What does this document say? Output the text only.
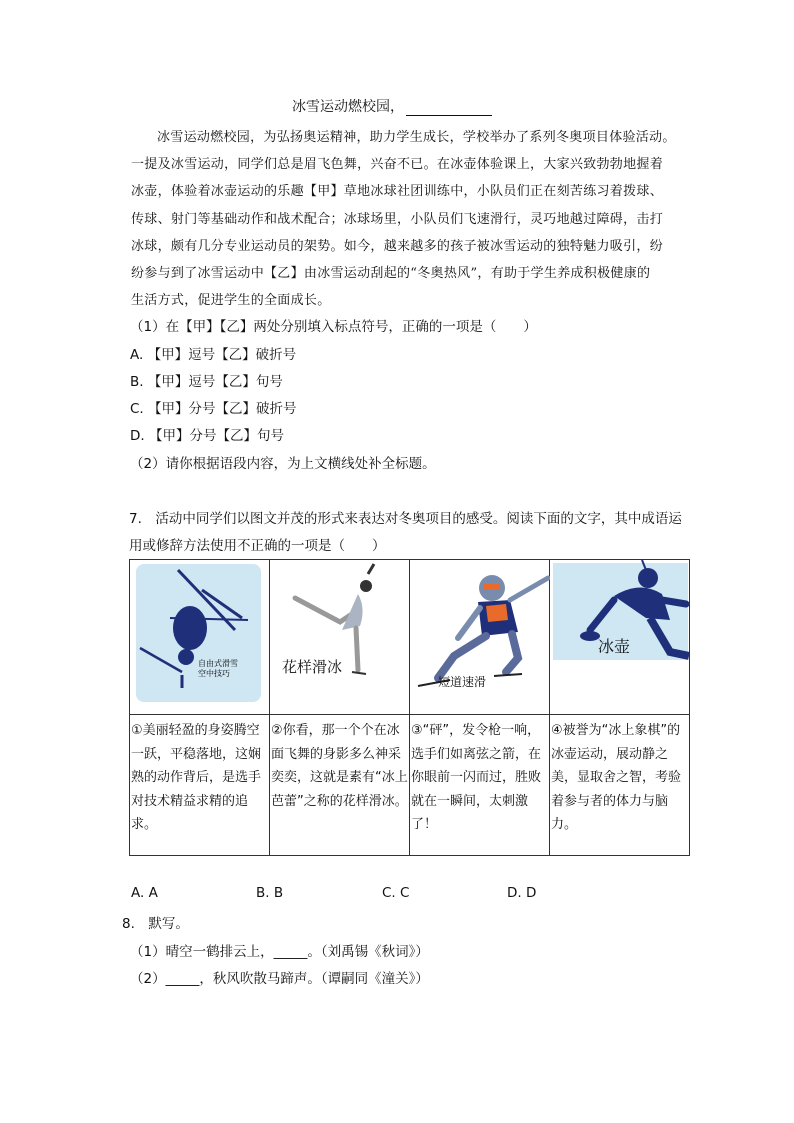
冰雪运动燃校园，
冰雪运动燃校园，为弘扬奥运精神，助力学生成长，学校举办了系列冬奥项目体验活动。
一提及冰雪运动，同学们总是眉飞色舞，兴奋不已。在冰壶体验课上，大家兴致勃勃地握着
冰壶，体验着冰壶运动的乐趣【甲】草地冰球社团训练中，小队员们正在刻苦练习着拨球、
传球、射门等基础动作和战术配合；冰球场里，小队员们飞速滑行，灵巧地越过障碍，击打
冰球，颇有几分专业运动员的架势。如今，越来越多的孩子被冰雪运动的独特魅力吸引，纷
纷参与到了冰雪运动中【乙】由冰雪运动刮起的“冬奥热风”，有助于学生养成积极健康的
生活方式，促进学生的全面成长。
（1）在【甲】【乙】两处分别填入标点符号，正确的一项是（　　）
A. 【甲】逗号【乙】破折号
B. 【甲】逗号【乙】句号
C. 【甲】分号【乙】破折号
D. 【甲】分号【乙】句号
（2）请你根据语段内容，为上文横线处补全标题。
7.　活动中同学们以图文并茂的形式来表达对冬奥项目的感受。阅读下面的文字，其中成语运
用或修辞方法使用不正确的一项是（　　）
自由式滑雪
空中技巧	花样滑冰	短道速滑	冰壶

①美丽轻盈的身姿腾空一跃，平稳落地，这娴熟的动作背后，是选手对技术精益求精的追求。	②你看，那一个个在冰面飞舞的身影多么神采奕奕，这就是素有“冰上芭蕾”之称的花样滑冰。	③“砰”，发令枪一响，选手们如离弦之箭，在你眼前一闪而过，胜败就在一瞬间，太刺激了！	④被誉为“冰上象棋”的冰壶运动，展动静之美，显取舍之智，考验着参与者的体力与脑力。
A. A	B. B	C. C	D. D
8.　默写。
（1）晴空一鹤排云上，_____。（刘禹锡《秋词》）
（2）_____，秋风吹散马蹄声。（谭嗣同《潼关》）
